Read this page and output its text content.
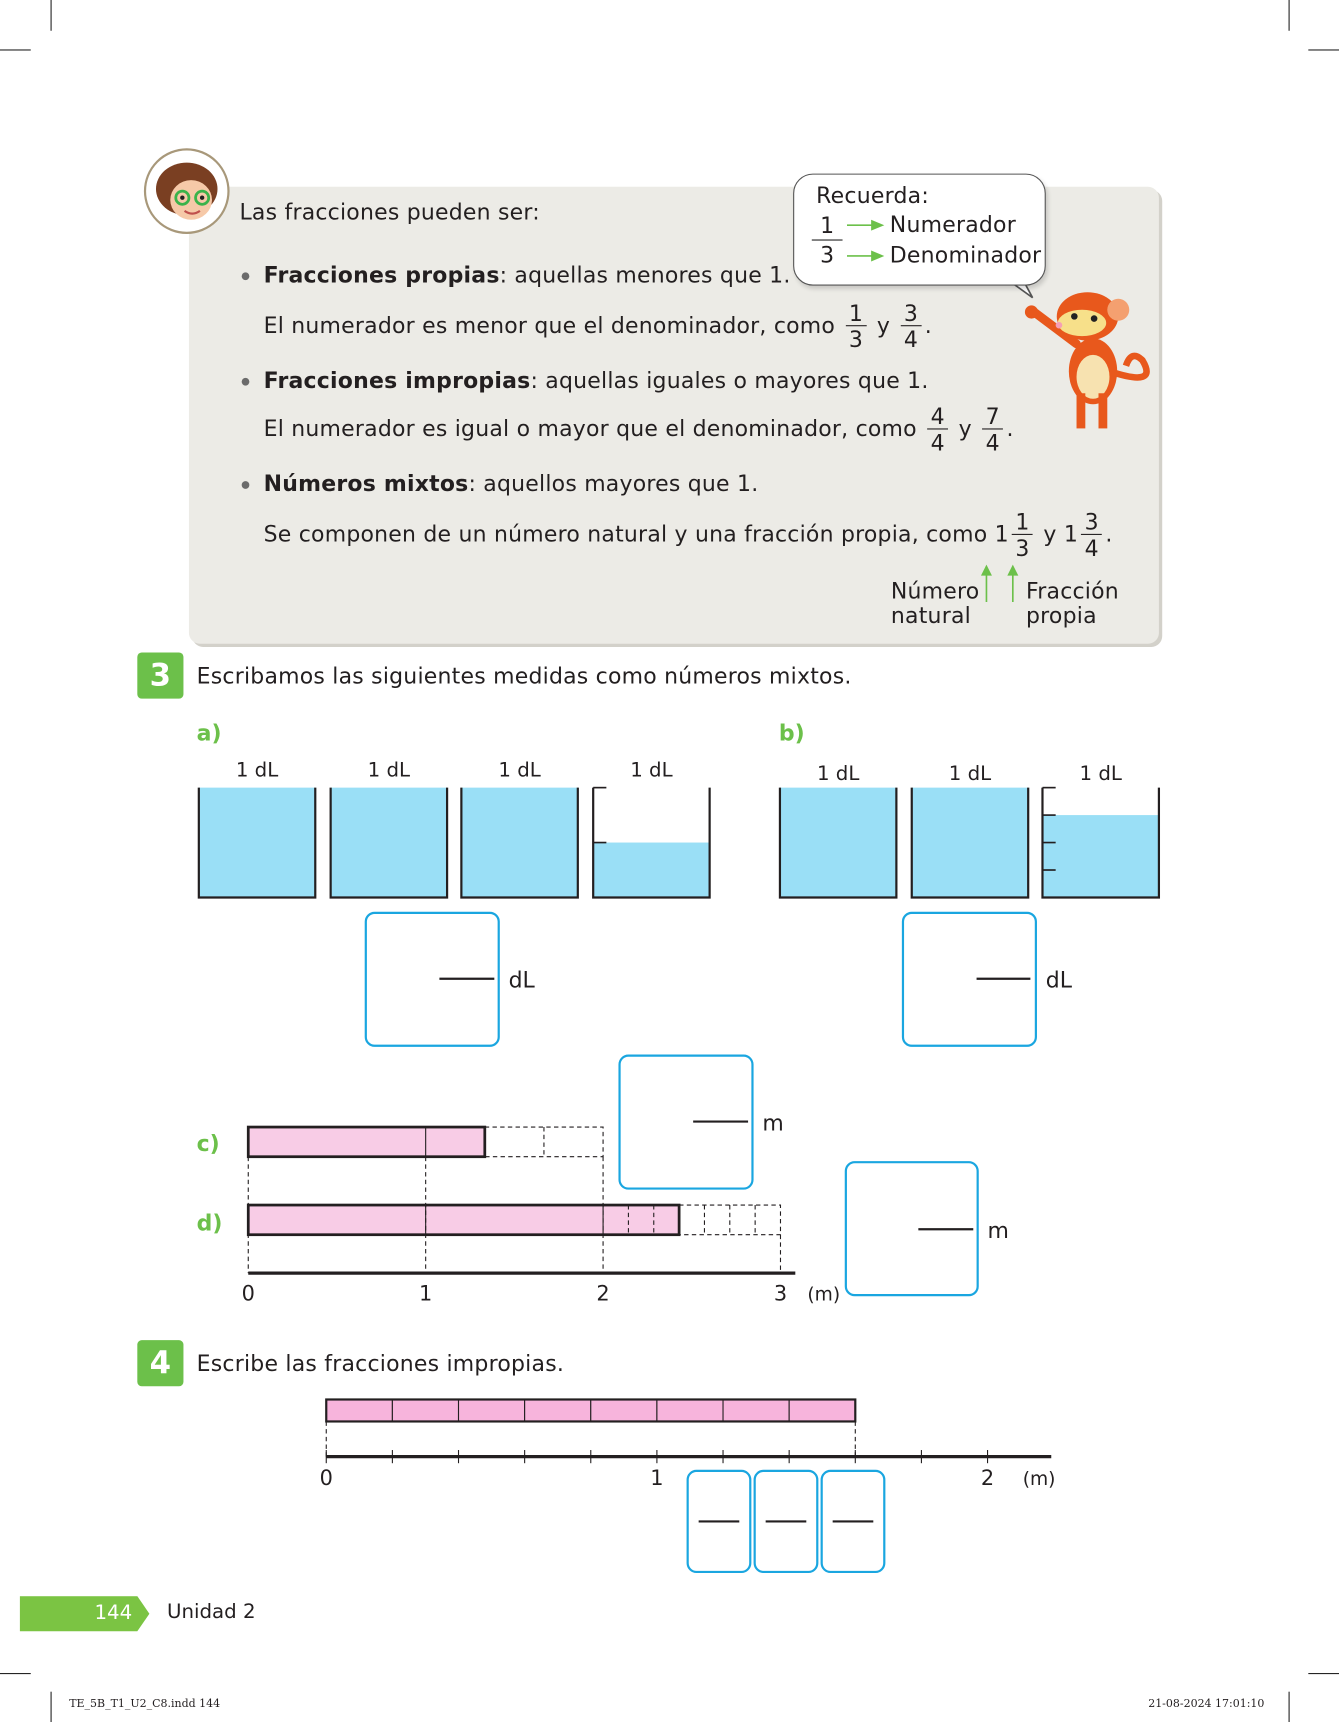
Las fracciones pueden ser:
Fracciones propias: aquellas menores que 1.
El numerador es menor que el denominador, como $\frac{1}{3}$ y $\frac{3}{4}$ .
Fracciones impropias: aquellas iguales o mayores que 1.
El numerador es igual o mayor que el denominador, como $\frac{4}{4}$ y $\frac{7}{4}$ .
Números mixtos: aquellos mayores que 1.
Se componen de un número natural y una fracción propia, como $1 \frac{1}{3}$ y $1 \frac{3}{4}$ .
Número
natural
Fracción
propia
Recuerda:
1
3
Numerador
Denominador
3	Escribamos las siguientes medidas como números mixtos.
a)	b)
c)
d)
1 dL	1 dL	1 dL	1 dL	1 dL	1 dL	1 dL
dL	dL
m
m
0	1	2	3 (m)
0	1	2 (m)
4	Escribe las fracciones impropias.
144 Unidad 2
TE_5B_T1_U2_C8.indd 144	21-08-2024 17:01:10
